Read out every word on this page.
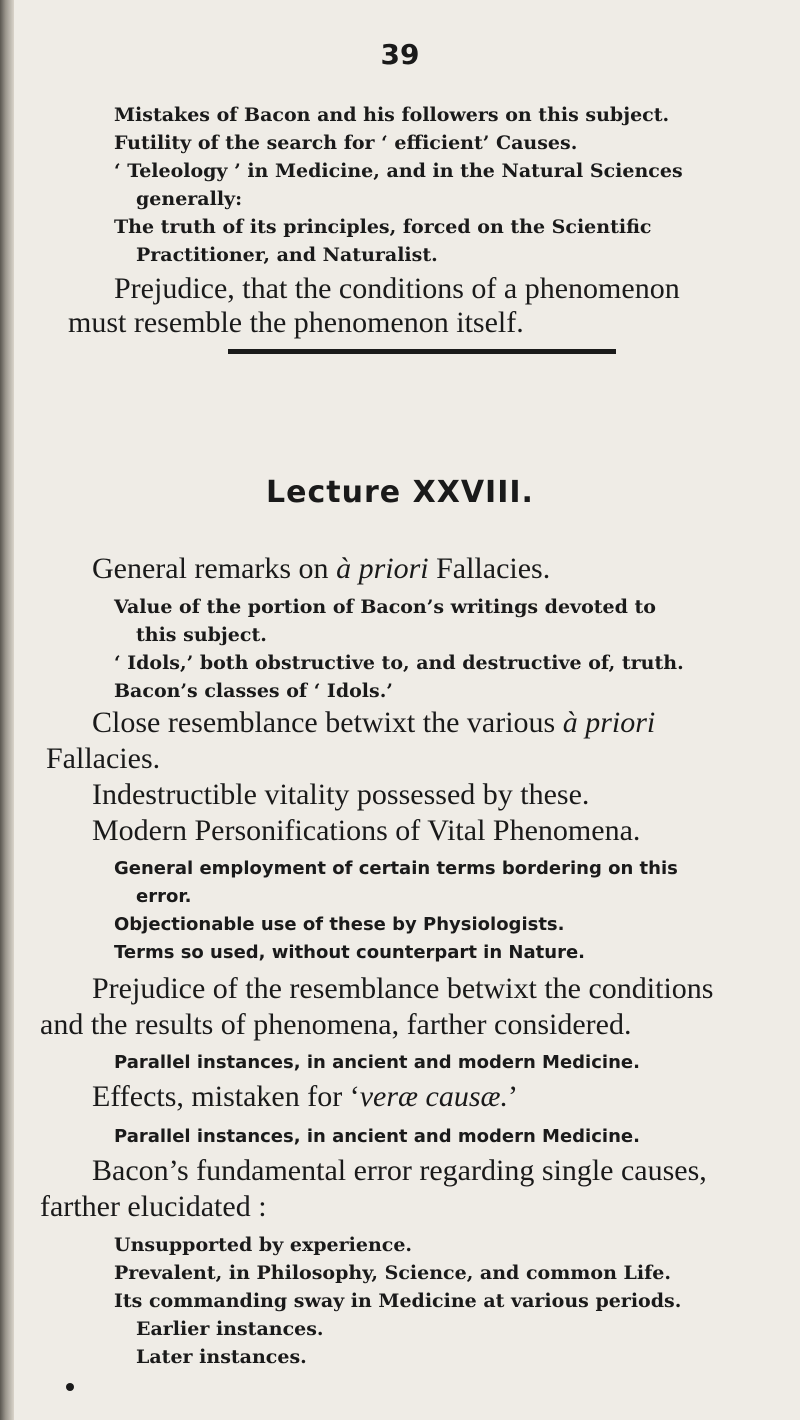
39
Mistakes of Bacon and his followers on this subject.
Futility of the search for ‘ efficient’ Causes.
‘ Teleology ’ in Medicine, and in the Natural Sciences
generally:
The truth of its principles, forced on the Scientific
Practitioner, and Naturalist.
Prejudice, that the conditions of a phenomenon
must resemble the phenomenon itself.
Lecture XXVIII.
General remarks on à priori Fallacies.
Value of the portion of Bacon’s writings devoted to
this subject.
‘ Idols,’ both obstructive to, and destructive of, truth.
Bacon’s classes of ‘ Idols.’
Close resemblance betwixt the various à priori
Fallacies.
Indestructible vitality possessed by these.
Modern Personifications of Vital Phenomena.
General employment of certain terms bordering on this
error.
Objectionable use of these by Physiologists.
Terms so used, without counterpart in Nature.
Prejudice of the resemblance betwixt the conditions
and the results of phenomena, farther considered.
Parallel instances, in ancient and modern Medicine.
Effects, mistaken for ‘veræ causæ.’
Parallel instances, in ancient and modern Medicine.
Bacon’s fundamental error regarding single causes,
farther elucidated :
Unsupported by experience.
Prevalent, in Philosophy, Science, and common Life.
Its commanding sway in Medicine at various periods.
Earlier instances.
Later instances.
